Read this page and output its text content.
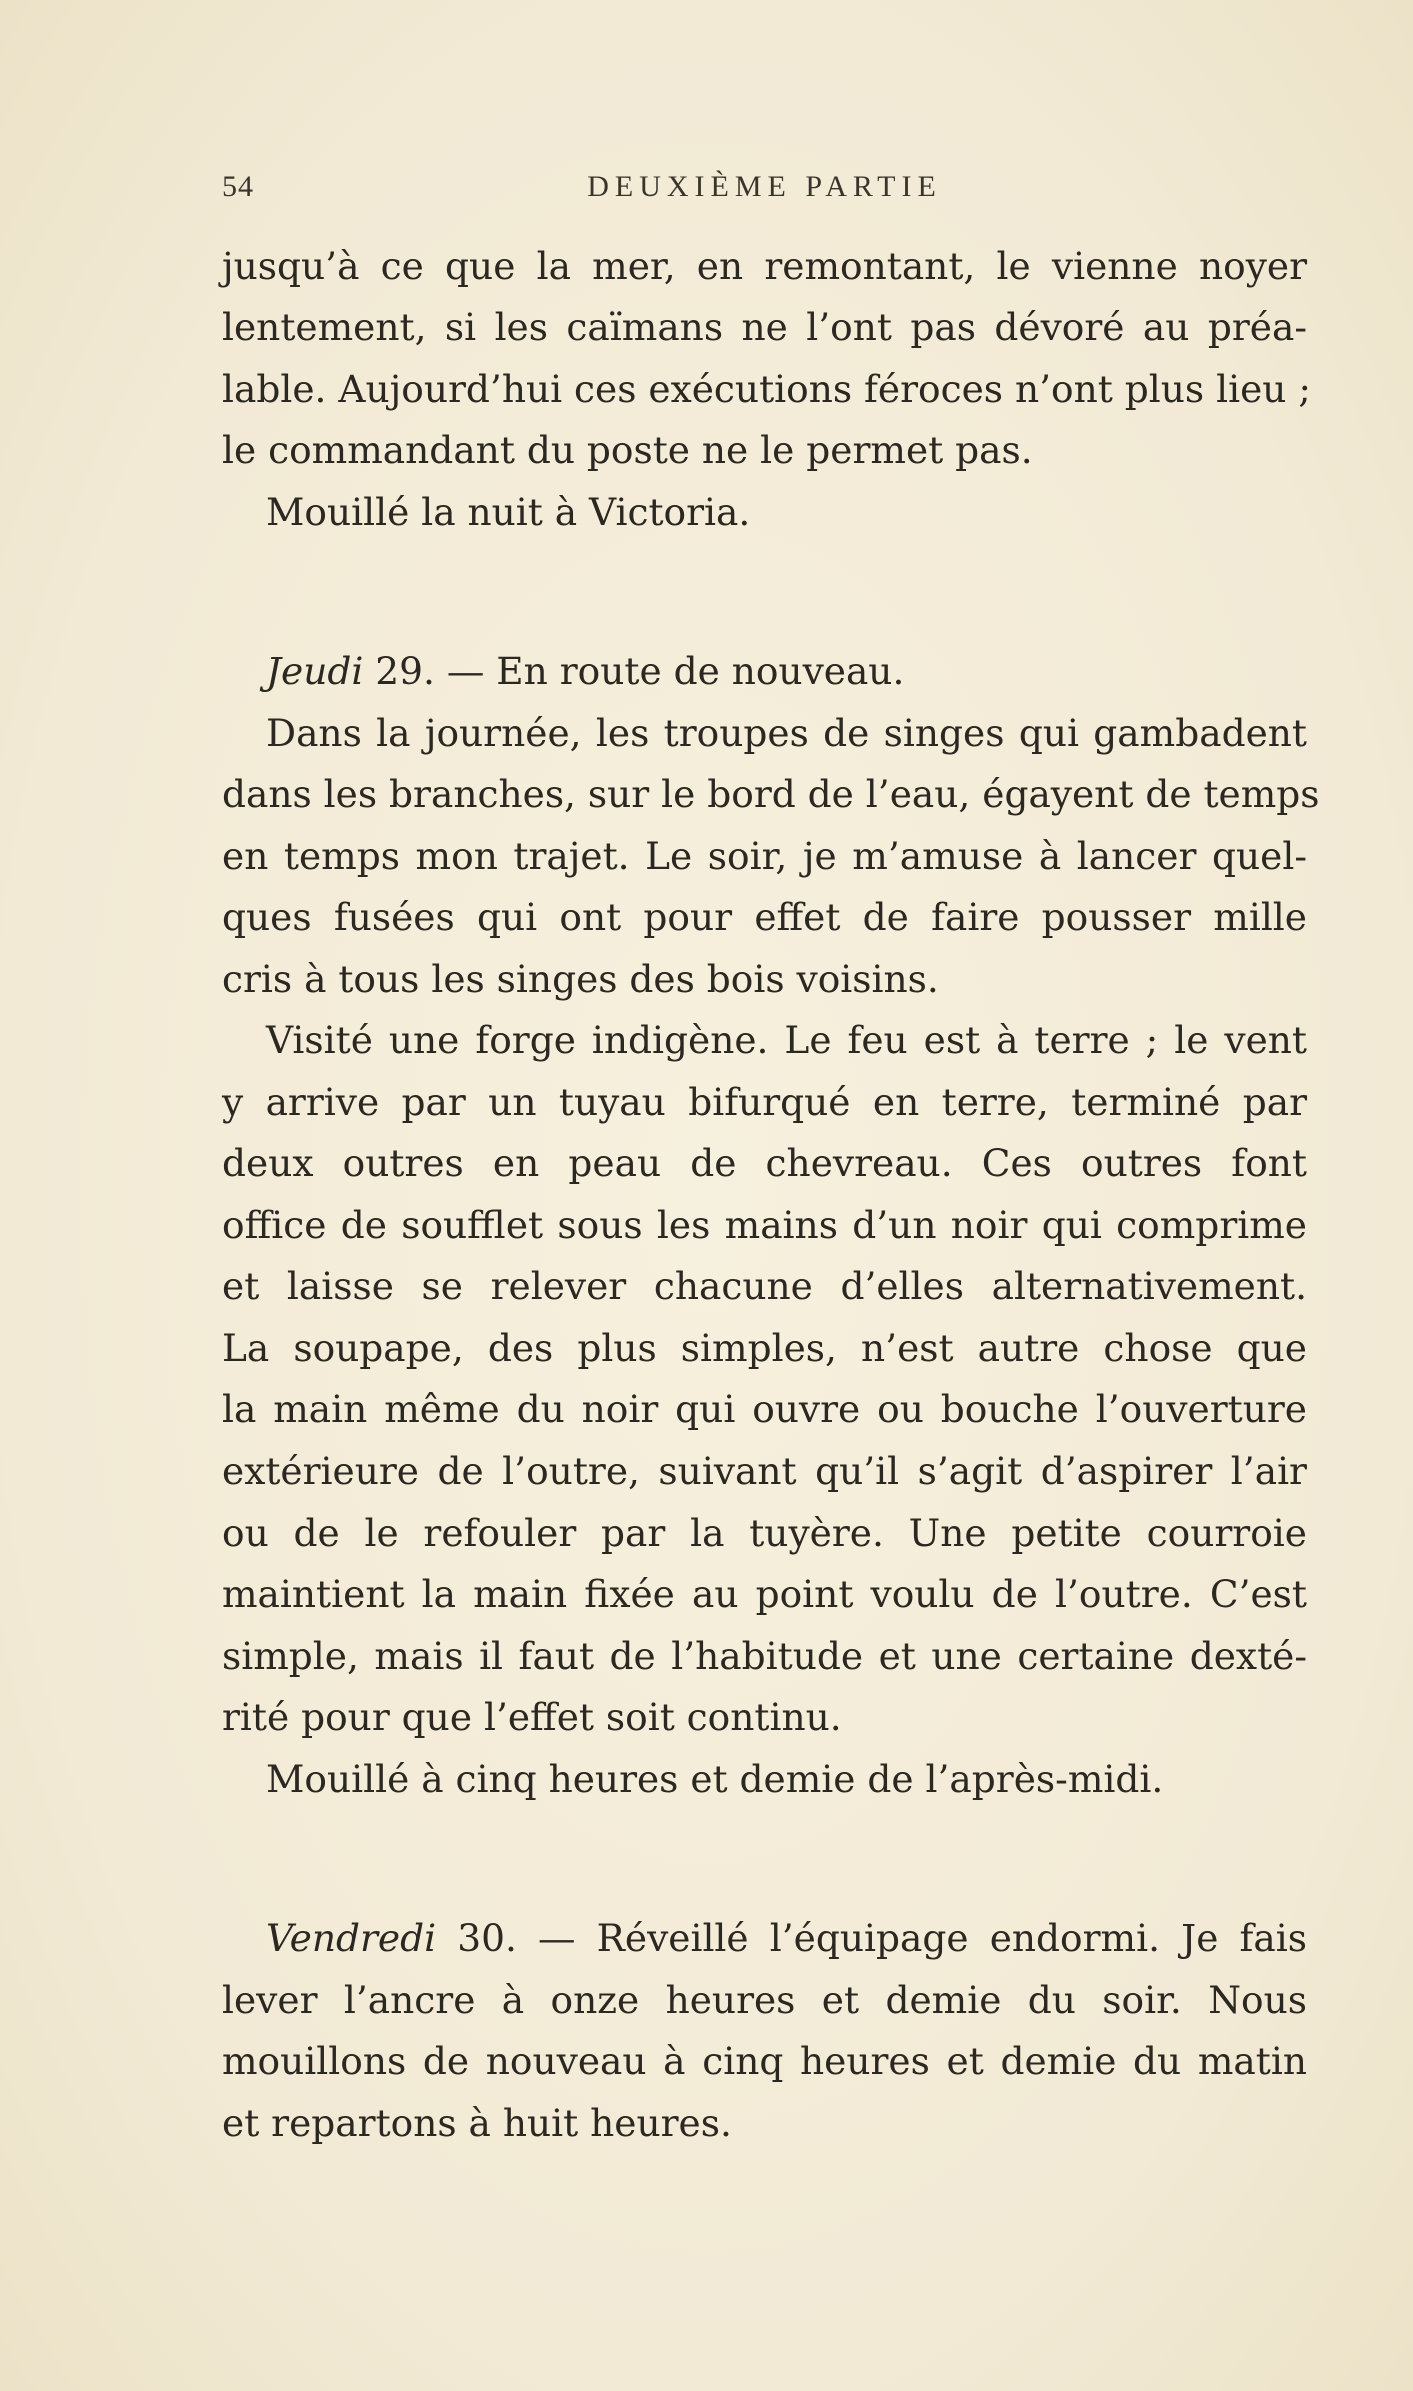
54	DEUXIÈME PARTIE
jusqu’à ce que la mer, en remontant, le vienne noyer
lentement, si les caïmans ne l’ont pas dévoré au préa-
lable. Aujourd’hui ces exécutions féroces n’ont plus lieu ;
le commandant du poste ne le permet pas.
Mouillé la nuit à Victoria.
Jeudi 29. — En route de nouveau.
Dans la journée, les troupes de singes qui gambadent
dans les branches, sur le bord de l’eau, égayent de temps
en temps mon trajet. Le soir, je m’amuse à lancer quel-
ques fusées qui ont pour effet de faire pousser mille
cris à tous les singes des bois voisins.
Visité une forge indigène. Le feu est à terre ; le vent
y arrive par un tuyau bifurqué en terre, terminé par
deux outres en peau de chevreau. Ces outres font
office de soufflet sous les mains d’un noir qui comprime
et laisse se relever chacune d’elles alternativement.
La soupape, des plus simples, n’est autre chose que
la main même du noir qui ouvre ou bouche l’ouverture
extérieure de l’outre, suivant qu’il s’agit d’aspirer l’air
ou de le refouler par la tuyère. Une petite courroie
maintient la main fixée au point voulu de l’outre. C’est
simple, mais il faut de l’habitude et une certaine dexté-
rité pour que l’effet soit continu.
Mouillé à cinq heures et demie de l’après-midi.
Vendredi 30. — Réveillé l’équipage endormi. Je fais
lever l’ancre à onze heures et demie du soir. Nous
mouillons de nouveau à cinq heures et demie du matin
et repartons à huit heures.
